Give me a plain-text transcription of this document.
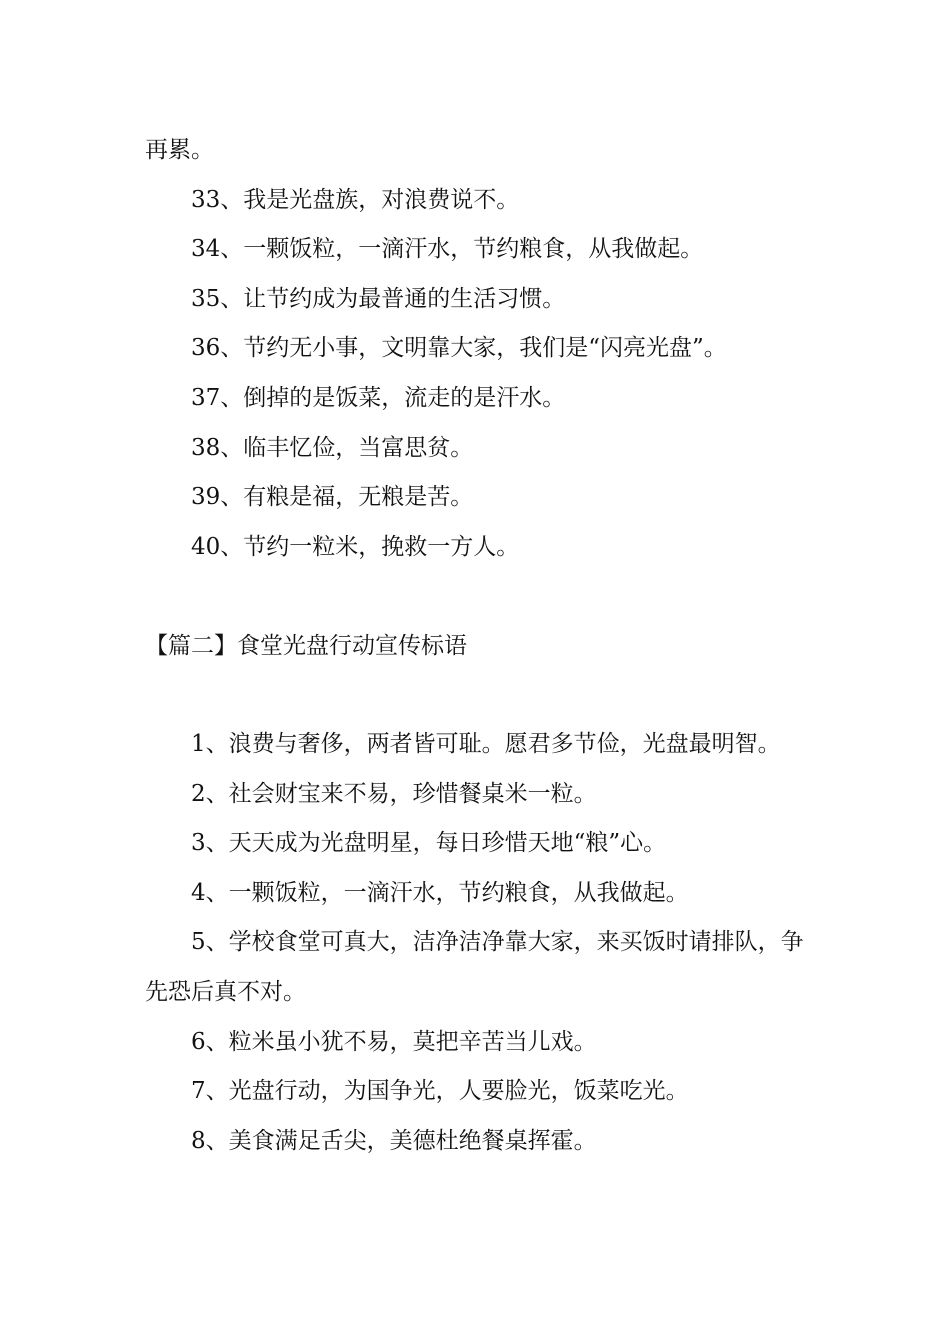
再累。

33、我是光盘族，对浪费说不。

34、一颗饭粒，一滴汗水，节约粮食，从我做起。

35、让节约成为最普通的生活习惯。

36、节约无小事，文明靠大家，我们是“闪亮光盘”。

37、倒掉的是饭菜，流走的是汗水。

38、临丰忆俭，当富思贫。

39、有粮是福，无粮是苦。

40、节约一粒米，挽救一方人。

【篇二】食堂光盘行动宣传标语

1、浪费与奢侈，两者皆可耻。愿君多节俭，光盘最明智。

2、社会财宝来不易，珍惜餐桌米一粒。

3、天天成为光盘明星，每日珍惜天地“粮”心。

4、一颗饭粒，一滴汗水，节约粮食，从我做起。

5、学校食堂可真大，洁净洁净靠大家，来买饭时请排队，争先恐后真不对。

6、粒米虽小犹不易，莫把辛苦当儿戏。

7、光盘行动，为国争光，人要脸光，饭菜吃光。

8、美食满足舌尖，美德杜绝餐桌挥霍。
